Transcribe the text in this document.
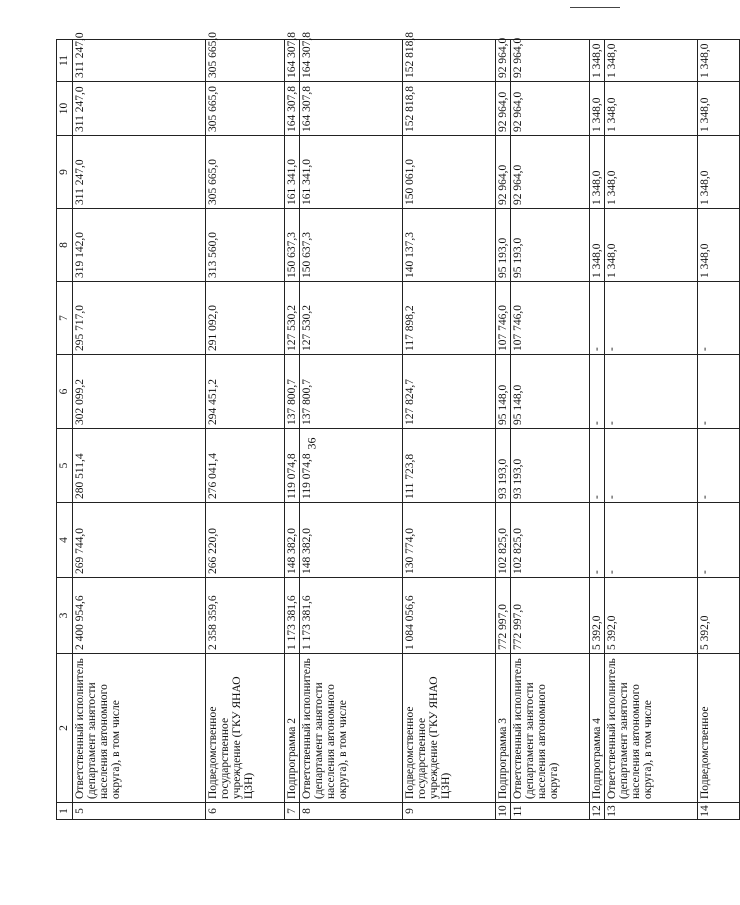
36
1	2	3	4	5	6	7	8	9	10	11
5	Ответственный исполнитель (департамент занятости населения автономного округа), в том числе	2 400 954,6	269 744,0	280 511,4	302 099,2	295 717,0	319 142,0	311 247,0	311 247,0	311 247,0
6	Подведомственное государственное учреждение (ГКУ ЯНАО ЦЗН)	2 358 359,6	266 220,0	276 041,4	294 451,2	291 092,0	313 560,0	305 665,0	305 665,0	305 665,0
7	Подпрограмма 2	1 173 381,6	148 382,0	119 074,8	137 800,7	127 530,2	150 637,3	161 341,0	164 307,8	164 307,8
8	Ответственный исполнитель (департамент занятости населения автономного округа), в том числе	1 173 381,6	148 382,0	119 074,8	137 800,7	127 530,2	150 637,3	161 341,0	164 307,8	164 307,8
9	Подведомственное государственное учреждение (ГКУ ЯНАО ЦЗН)	1 084 056,6	130 774,0	111 723,8	127 824,7	117 898,2	140 137,3	150 061,0	152 818,8	152 818,8
10	Подпрограмма 3	772 997,0	102 825,0	93 193,0	95 148,0	107 746,0	95 193,0	92 964,0	92 964,0	92 964,0
11	Ответственный исполнитель (департамент занятости населения автономного округа)	772 997,0	102 825,0	93 193,0	95 148,0	107 746,0	95 193,0	92 964,0	92 964,0	92 964,0
12	Подпрограмма 4	5 392,0	-	-	-	-	1 348,0	1 348,0	1 348,0	1 348,0
13	Ответственный исполнитель (департамент занятости населения автономного округа), в том числе	5 392,0	-	-	-	-	1 348,0	1 348,0	1 348,0	1 348,0
14	Подведомственное	5 392,0	-	-	-	-	1 348,0	1 348,0	1 348,0	1 348,0
